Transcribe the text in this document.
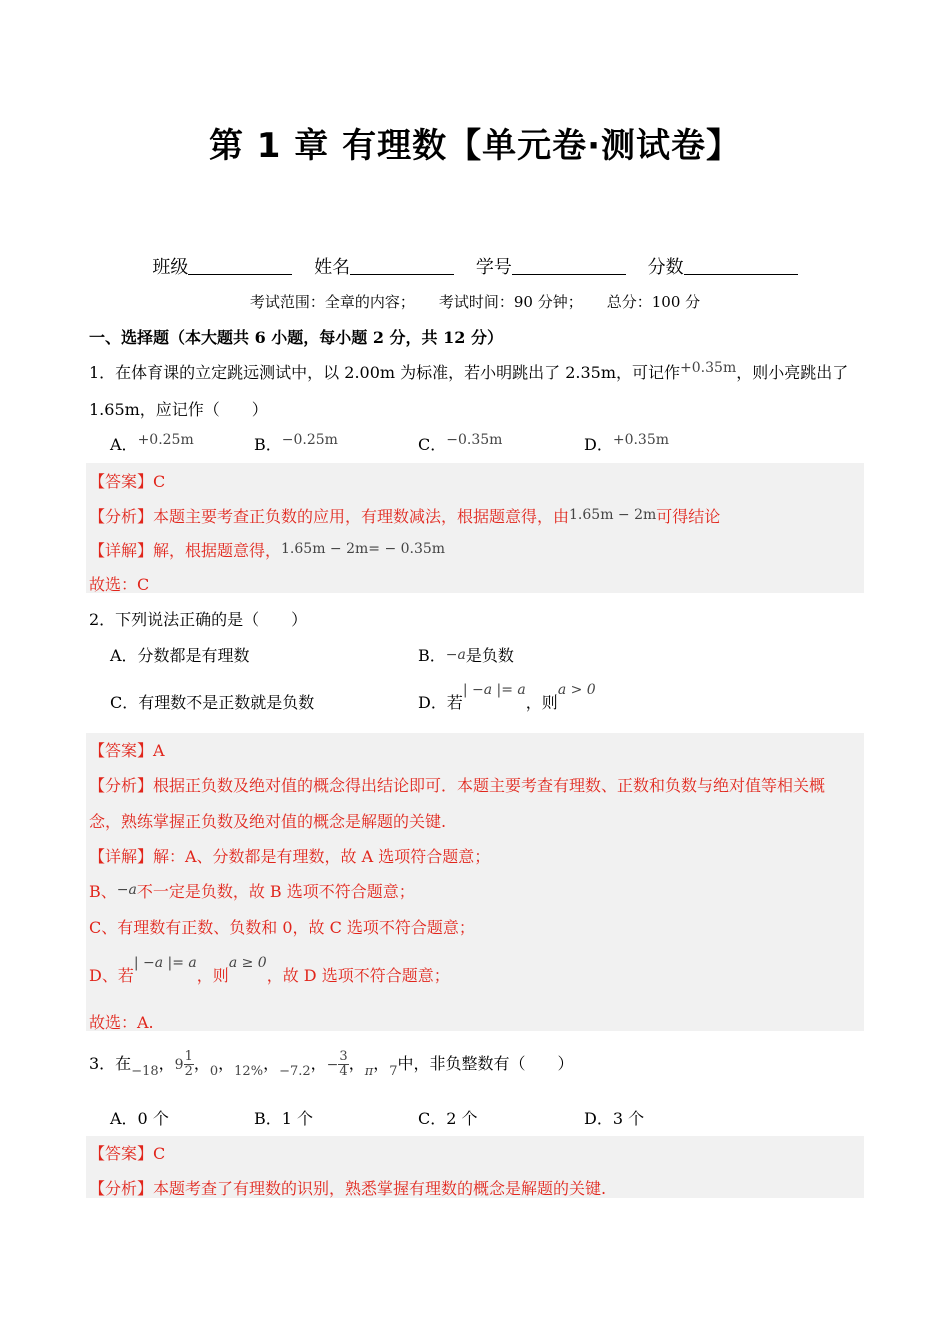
第 1 章 有理数【单元卷·测试卷】
班级	姓名	学号	分数
考试范围：全章的内容； 考试时间：90 分钟； 总分：100 分
一、选择题（本大题共 6 小题，每小题 2 分，共 12 分）
1．在体育课的立定跳远测试中，以 2.00m 为标准，若小明跳出了 2.35m，可记作+0.35m，则小亮跳出了
1.65m，应记作（　　）
A．+0.25m	B．−0.25m	C．−0.35m	D．+0.35m
【答案】C
【分析】本题主要考查正负数的应用，有理数减法，根据题意得，由1.65m − 2m可得结论
【详解】解，根据题意得，1.65m − 2m= − 0.35m
故选：C
2．下列说法正确的是（　　）
A．分数都是有理数	B．−a是负数
C．有理数不是正数就是负数	D．若| −a |= a，则a > 0
【答案】A
【分析】根据正负数及绝对值的概念得出结论即可．本题主要考查有理数、正数和负数与绝对值等相关概
念，熟练掌握正负数及绝对值的概念是解题的关键.
【详解】解：A、分数都是有理数，故 A 选项符合题意；
B、−a不一定是负数，故 B 选项不符合题意；
C、有理数有正数、负数和 0，故 C 选项不符合题意；
D、若| −a |= a，则a ≥ 0，故 D 选项不符合题意；
故选：A.
3．在$_{-18}$，$9 \frac{1}{2}$ ，$_0$，$_{12\%}$，$_{-7.2}$，− $\frac{3}{4}$ ，$_\pi$，$_7$中，非负整数有（　　）
A．0 个	B．1 个	C．2 个	D．3 个
【答案】C
【分析】本题考查了有理数的识别，熟悉掌握有理数的概念是解题的关键.
